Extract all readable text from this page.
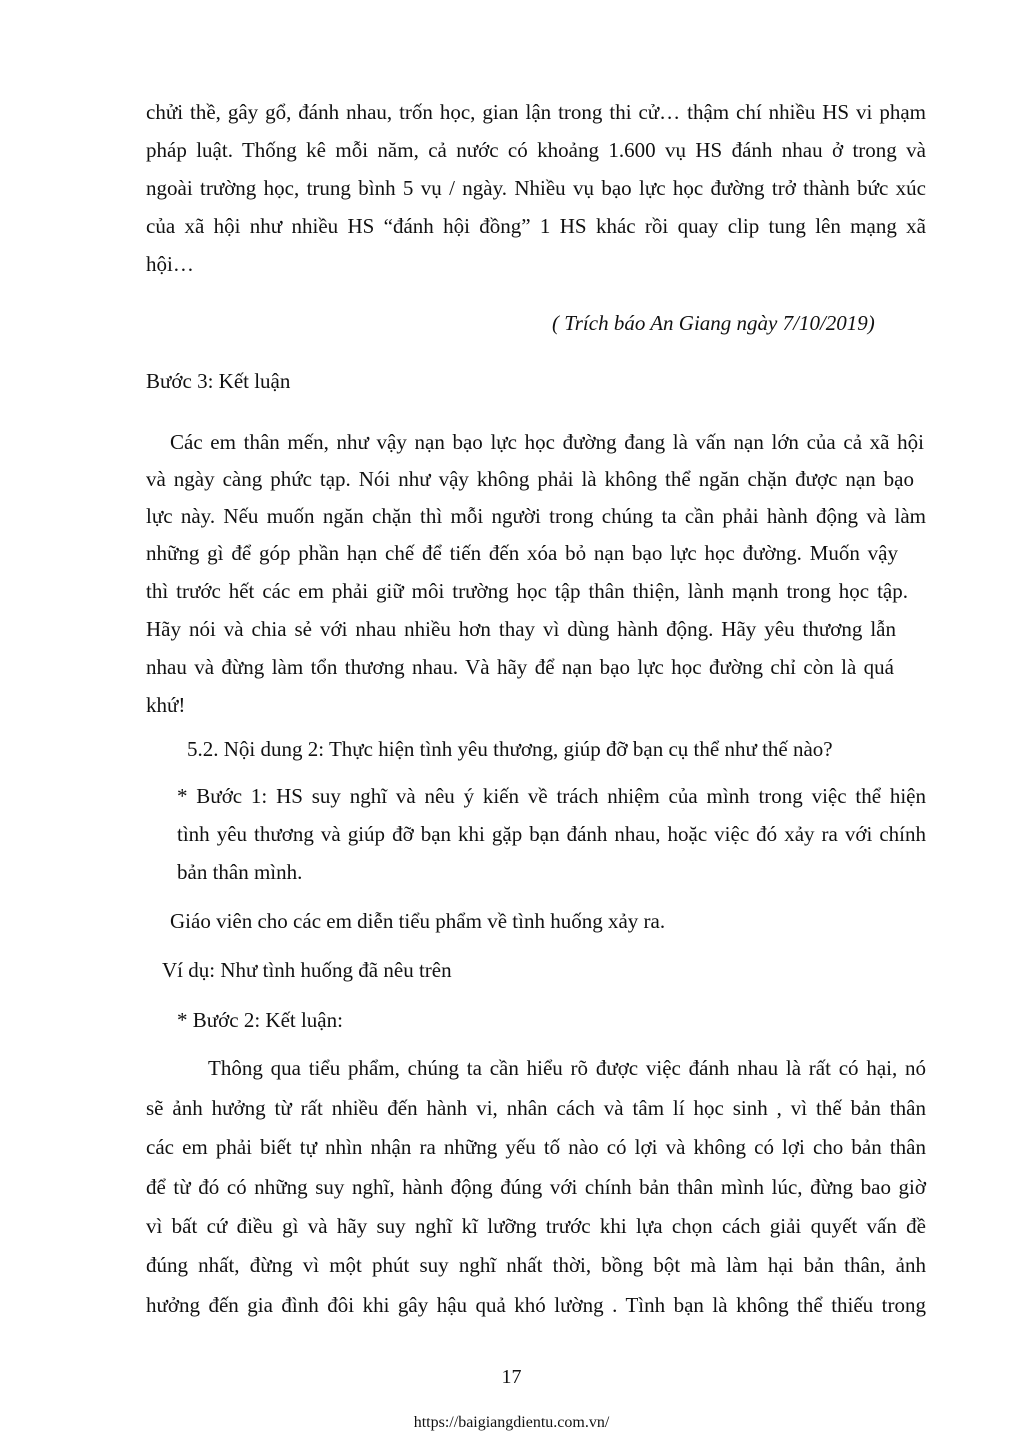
chửi thề, gây gổ, đánh nhau, trốn học, gian lận trong thi cử… thậm chí nhiều HS vi phạm
pháp luật. Thống kê mỗi năm, cả nước có khoảng 1.600 vụ HS đánh nhau ở trong và
ngoài trường học, trung bình 5 vụ / ngày. Nhiều vụ bạo lực học đường trở thành bức xúc
của xã hội như nhiều HS “đánh hội đồng” 1 HS khác rồi quay clip tung lên mạng xã
hội…
( Trích báo An Giang ngày 7/10/2019)
Bước 3: Kết luận
Các em thân mến, như vậy nạn bạo lực học đường đang là vấn nạn lớn của cả xã hội
và ngày càng phức tạp. Nói như vậy không phải là không thể ngăn chặn được nạn bạo
lực này. Nếu muốn ngăn chặn thì mỗi người trong chúng ta cần phải hành động và làm
những gì để góp phần hạn chế để tiến đến xóa bỏ nạn bạo lực học đường. Muốn vậy
thì trước hết các em phải giữ môi trường học tập thân thiện, lành mạnh trong học tập.
Hãy nói và chia sẻ với nhau nhiều hơn thay vì dùng hành động. Hãy yêu thương lẫn
nhau và đừng làm tổn thương nhau. Và hãy để nạn bạo lực học đường chỉ còn là quá
khứ!
5.2. Nội dung 2: Thực hiện tình yêu thương, giúp đỡ bạn cụ thể như thế nào?
* Bước 1: HS suy nghĩ và nêu ý kiến về trách nhiệm của mình trong việc thể hiện
tình yêu thương và giúp đỡ bạn khi gặp bạn đánh nhau, hoặc việc đó xảy ra với chính
bản thân mình.
Giáo viên cho các em diễn tiểu phẩm về tình huống xảy ra.
Ví dụ: Như tình huống đã nêu trên
* Bước 2: Kết luận:
Thông qua tiểu phẩm, chúng ta cần hiểu rõ được việc đánh nhau là rất có hại, nó
sẽ ảnh hưởng từ rất nhiều đến hành vi, nhân cách và tâm lí học sinh , vì thế bản thân
các em phải biết tự nhìn nhận ra những yếu tố nào có lợi và không có lợi cho bản thân
để từ đó có những suy nghĩ, hành động đúng với chính bản thân mình lúc, đừng bao giờ
vì bất cứ điều gì và hãy suy nghĩ kĩ lưỡng trước khi lựa chọn cách giải quyết vấn đề
đúng nhất, đừng vì một phút suy nghĩ nhất thời, bồng bột mà làm hại bản thân, ảnh
hưởng đến gia đình đôi khi gây hậu quả khó lường . Tình bạn là không thể thiếu trong
17
https://baigiangdientu.com.vn/
